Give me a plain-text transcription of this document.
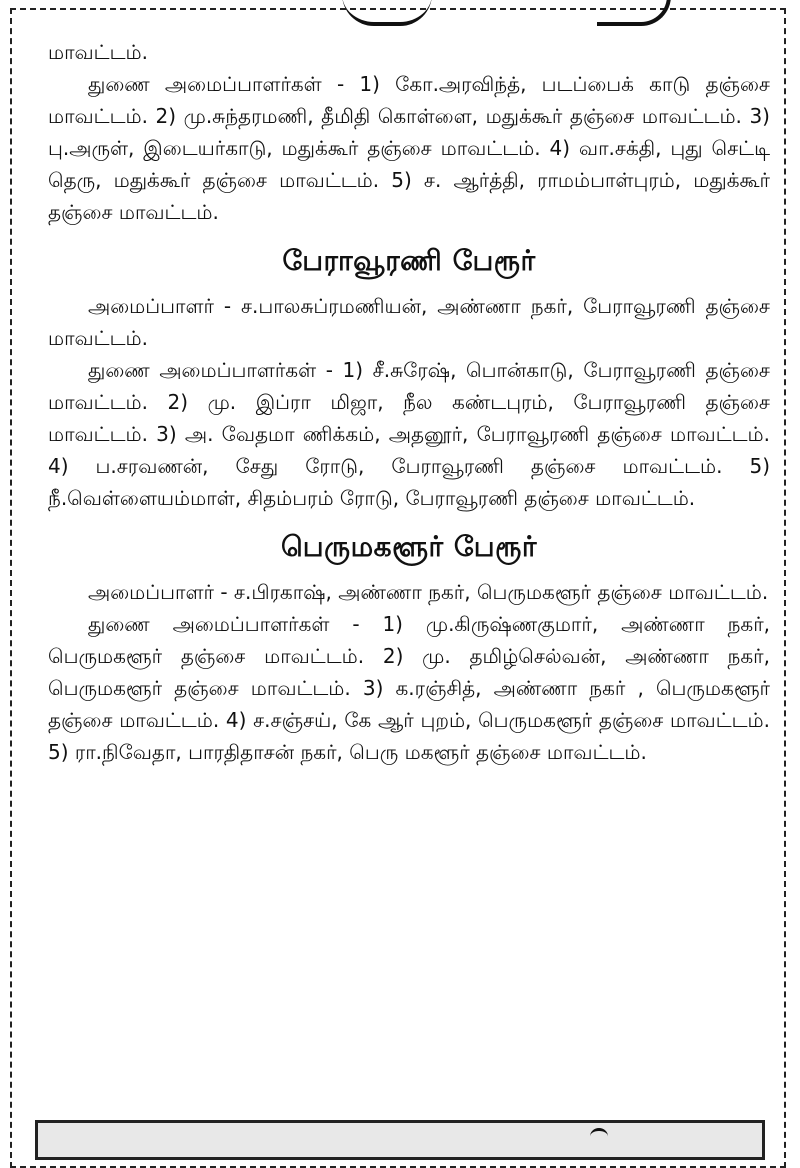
மாவட்டம்.

துணை அமைப்பாளர்கள் - 1) கோ.அரவிந்த், படப்பைக் காடு தஞ்சை மாவட்டம். 2) மு.சுந்தரமணி, தீமிதி கொள்ளை, மதுக்கூர் தஞ்சை மாவட்டம். 3) பு.அருள், இடையர்காடு, மதுக்கூர் தஞ்சை மாவட்டம். 4) வா.சக்தி, புது செட்டி தெரு, மதுக்கூர் தஞ்சை மாவட்டம். 5) ச. ஆர்த்தி, ராமம்பாள்புரம், மதுக்கூர் தஞ்சை மாவட்டம்.

பேராவூரணி பேரூர்

அமைப்பாளர் - ச.பாலசுப்ரமணியன், அண்ணா நகர், பேராவூரணி தஞ்சை மாவட்டம்.

துணை அமைப்பாளர்கள் - 1) சீ.சுரேஷ், பொன்காடு, பேராவூரணி தஞ்சை மாவட்டம். 2) மு. இப்ரா மிஜா, நீல கண்டபுரம், பேராவூரணி தஞ்சை மாவட்டம். 3) அ. வேதமா ணிக்கம், அதனூர், பேராவூரணி தஞ்சை மாவட்டம். 4) ப.சரவணன், சேது ரோடு, பேராவூரணி தஞ்சை மாவட்டம். 5) நீ.வெள்ளையம்மாள், சிதம்பரம் ரோடு, பேராவூரணி தஞ்சை மாவட்டம்.

பெருமகளூர் பேரூர்

அமைப்பாளர் - ச.பிரகாஷ், அண்ணா நகர், பெருமகளூர் தஞ்சை மாவட்டம்.

துணை அமைப்பாளர்கள் - 1) மு.கிருஷ்ணகுமார், அண்ணா நகர், பெருமகளூர் தஞ்சை மாவட்டம். 2) மு. தமிழ்செல்வன், அண்ணா நகர், பெருமகளூர் தஞ்சை மாவட்டம். 3) க.ரஞ்சித், அண்ணா நகர் , பெருமகளூர் தஞ்சை மாவட்டம். 4) ச.சஞ்சய், கே ஆர் புறம், பெருமகளூர் தஞ்சை மாவட்டம். 5) ரா.நிவேதா, பாரதிதாசன் நகர், பெரு மகளூர் தஞ்சை மாவட்டம்.
